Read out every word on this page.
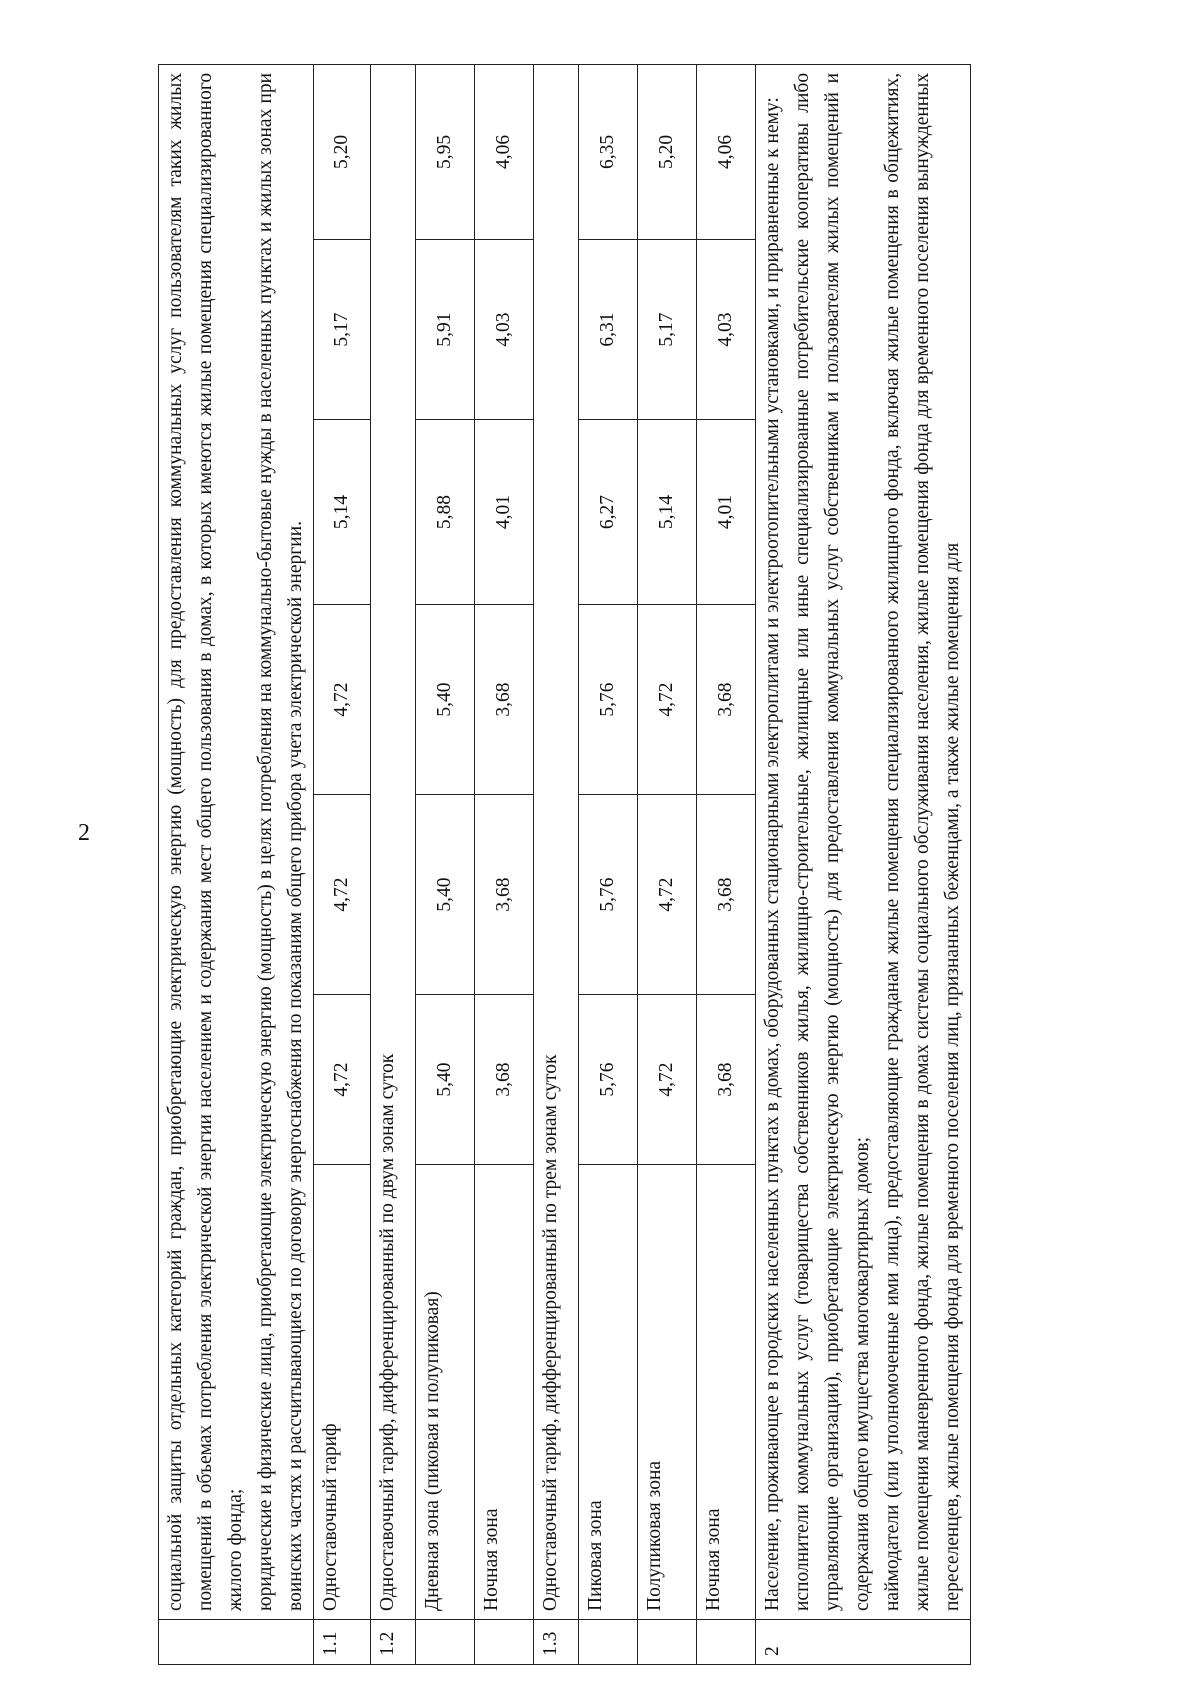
2

	социальной защиты отдельных категорий граждан, приобретающие электрическую энергию (мощность) для предоставления коммунальных услуг пользователям таких жилых помещений в объемах потребления электрической энергии населением и содержания мест общего пользования в домах, в которых имеются жилые помещения специализированного жилого фонда; юридические и физические лица, приобретающие электрическую энергию (мощность) в целях потребления на коммунально-бытовые нужды в населенных пунктах и жилых зонах при воинских частях и рассчитывающиеся по договору энергоснабжения по показаниям общего прибора учета электрической энергии.						

1.1	Одноставочный тариф	4,72	4,72	4,72	5,14	5,17	5,20
1.2	Одноставочный тариф, дифференцированный по двум зонам суток						
	Дневная зона (пиковая и полупиковая)	5,40	5,40	5,40	5,88	5,91	5,95
	Ночная зона	3,68	3,68	3,68	4,01	4,03	4,06
1.3	Одноставочный тариф, дифференцированный по трем зонам суток						
	Пиковая зона	5,76	5,76	5,76	6,27	6,31	6,35
	Полупиковая зона	4,72	4,72	4,72	5,14	5,17	5,20
	Ночная зона	3,68	3,68	3,68	4,01	4,03	4,06
2	Население, проживающее в городских населенных пунктах в домах, оборудованных стационарными электроплитами и электроотопительными установками, и приравненные к нему: исполнители коммунальных услуг (товарищества собственников жилья, жилищно-строительные, жилищные или иные специализированные потребительские кооперативы либо управляющие организации), приобретающие электрическую энергию (мощность) для предоставления коммунальных услуг собственникам и пользователям жилых помещений и содержания общего имущества многоквартирных домов; наймодатели (или уполномоченные ими лица), предоставляющие гражданам жилые помещения специализированного жилищного фонда, включая жилые помещения в общежитиях, жилые помещения маневренного фонда, жилые помещения в домах системы социального обслуживания населения, жилые помещения фонда для временного поселения вынужденных переселенцев, жилые помещения фонда для временного поселения лиц, признанных беженцами, а также жилые помещения для						
